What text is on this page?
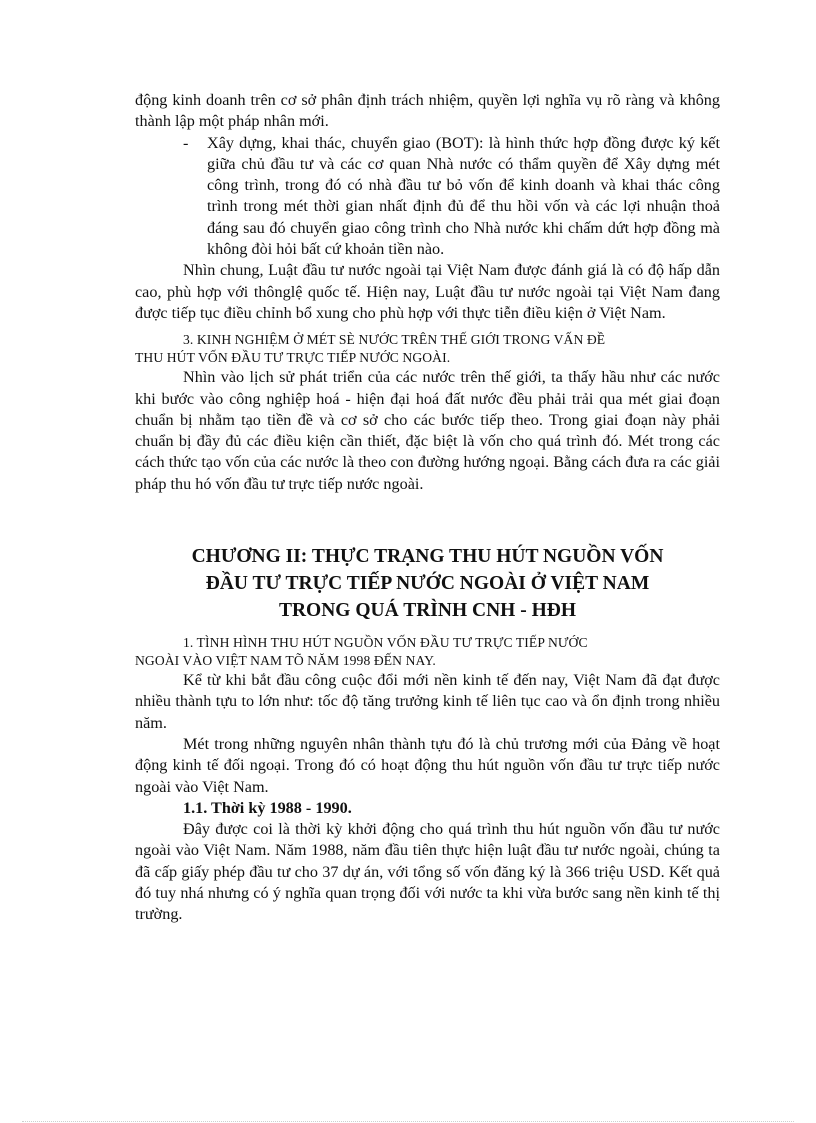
động kinh doanh trên cơ sở phân định trách nhiệm, quyền lợi nghĩa vụ rõ ràng và không thành lập một pháp nhân mới.

- Xây dựng, khai thác, chuyển giao (BOT): là hình thức hợp đồng được ký kết giữa chủ đầu tư và các cơ quan Nhà nước có thẩm quyền để Xây dựng mét công trình, trong đó có nhà đầu tư bỏ vốn để kinh doanh và khai thác công trình trong mét thời gian nhất định đủ để thu hồi vốn và các lợi nhuận thoả đáng sau đó chuyển giao công trình cho Nhà nước khi chấm dứt hợp đồng mà không đòi hỏi bất cứ khoản tiền nào.

Nhìn chung, Luật đầu tư nước ngoài tại Việt Nam được đánh giá là có độ hấp dẫn cao, phù hợp với thônglệ quốc tế. Hiện nay, Luật đầu tư nước ngoài tại Việt Nam đang được tiếp tục điều chỉnh bổ xung cho phù hợp với thực tiễn điều kiện ở Việt Nam.

3. KINH NGHIỆM Ở MÉT SÈ NƯỚC TRÊN THẾ GIỚI TRONG VẤN ĐỀ
THU HÚT VỐN ĐẦU TƯ TRỰC TIẾP NƯỚC NGOÀI.

Nhìn vào lịch sử phát triển của các nước trên thế giới, ta thấy hầu như các nước khi bước vào công nghiệp hoá - hiện đại hoá đất nước đều phải trải qua mét giai đoạn chuẩn bị nhằm tạo tiền đề và cơ sở cho các bước tiếp theo. Trong giai đoạn này phải chuẩn bị đầy đủ các điều kiện cần thiết, đặc biệt là vốn cho quá trình đó. Mét trong các cách thức tạo vốn của các nước là theo con đường hướng ngoại. Bằng cách đưa ra các giải pháp thu hó vốn đầu tư trực tiếp nước ngoài.

CHƯƠNG II: THỰC TRẠNG THU HÚT NGUỒN VỐN
ĐẦU TƯ TRỰC TIẾP NƯỚC NGOÀI Ở VIỆT NAM
TRONG QUÁ TRÌNH CNH - HĐH
1. TÌNH HÌNH THU HÚT NGUỒN VỐN ĐẦU TƯ TRỰC TIẾP NƯỚC
NGOÀI VÀO VIỆT NAM TÕ NĂM 1998 ĐẾN NAY.

Kể từ khi bắt đầu công cuộc đổi mới nền kinh tế đến nay, Việt Nam đã đạt được nhiều thành tựu to lớn như: tốc độ tăng trưởng kinh tế liên tục cao và ổn định trong nhiều năm.

Mét trong những nguyên nhân thành tựu đó là chủ trương mới của Đảng về hoạt động kinh tế đối ngoại. Trong đó có hoạt động thu hút nguồn vốn đầu tư trực tiếp nước ngoài vào Việt Nam.

1.1. Thời kỳ 1988 - 1990.

Đây được coi là thời kỳ khởi động cho quá trình thu hút nguồn vốn đầu tư nước ngoài vào Việt Nam. Năm 1988, năm đầu tiên thực hiện luật đầu tư nước ngoài, chúng ta đã cấp giấy phép đầu tư cho 37 dự án, với tổng số vốn đăng ký là 366 triệu USD. Kết quả đó tuy nhá nhưng có ý nghĩa quan trọng đối với nước ta khi vừa bước sang nền kinh tế thị trường.
